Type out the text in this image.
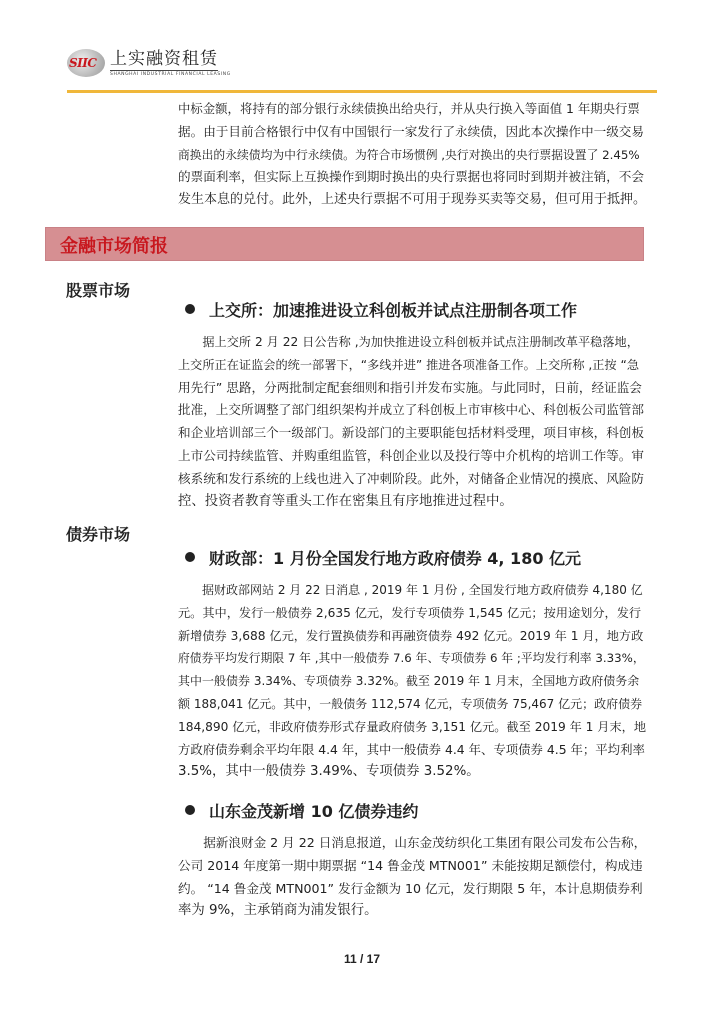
SIIC 上实融资租赁
SHANGHAI INDUSTRIAL FINANCIAL LEASING
中标金额，将持有的部分银行永续债换出给央行，并从央行换入等面值 1 年期央行票
据。由于目前合格银行中仅有中国银行一家发行了永续债，因此本次操作中一级交易
商换出的永续债均为中行永续债。为符合市场惯例 ,央行对换出的央行票据设置了 2.45%
的票面利率，但实际上互换操作到期时换出的央行票据也将同时到期并被注销，不会
发生本息的兑付。此外，上述央行票据不可用于现券买卖等交易，但可用于抵押。
金融市场简报
股票市场
上交所：加速推进设立科创板并试点注册制各项工作
　　据上交所 2 月 22 日公告称 ,为加快推进设立科创板并试点注册制改革平稳落地，
上交所正在证监会的统一部署下，“多线并进” 推进各项准备工作。上交所称 ,正按 “急
用先行” 思路，分两批制定配套细则和指引并发布实施。与此同时，日前，经证监会
批准，上交所调整了部门组织架构并成立了科创板上市审核中心、科创板公司监管部
和企业培训部三个一级部门。新设部门的主要职能包括材料受理，项目审核，科创板
上市公司持续监管、并购重组监管，科创企业以及投行等中介机构的培训工作等。审
核系统和发行系统的上线也进入了冲刺阶段。此外，对储备企业情况的摸底、风险防
控、投资者教育等重头工作在密集且有序地推进过程中。
债券市场
财政部：1 月份全国发行地方政府债券 4, 180 亿元
　　据财政部网站 2 月 22 日消息 , 2019 年 1 月份 , 全国发行地方政府债券 4,180 亿
元。其中，发行一般债券 2,635 亿元，发行专项债券 1,545 亿元；按用途划分，发行
新增债券 3,688 亿元，发行置换债券和再融资债券 492 亿元。2019 年 1 月，地方政
府债券平均发行期限 7 年 ,其中一般债券 7.6 年、专项债券 6 年 ;平均发行利率 3.33%，
其中一般债券 3.34%、专项债券 3.32%。截至 2019 年 1 月末，全国地方政府债务余
额 188,041 亿元。其中，一般债务 112,574 亿元，专项债务 75,467 亿元；政府债券
184,890 亿元，非政府债券形式存量政府债务 3,151 亿元。截至 2019 年 1 月末，地
方政府债券剩余平均年限 4.4 年，其中一般债券 4.4 年、专项债券 4.5 年；平均利率
3.5%，其中一般债券 3.49%、专项债券 3.52%。
山东金茂新增 10 亿债券违约
　　据新浪财金 2 月 22 日消息报道，山东金茂纺织化工集团有限公司发布公告称，
公司 2014 年度第一期中期票据 “14 鲁金茂 MTN001” 未能按期足额偿付，构成违
约。 “14 鲁金茂 MTN001” 发行金额为 10 亿元，发行期限 5 年，本计息期债券利
率为 9%，主承销商为浦发银行。
11 / 17
